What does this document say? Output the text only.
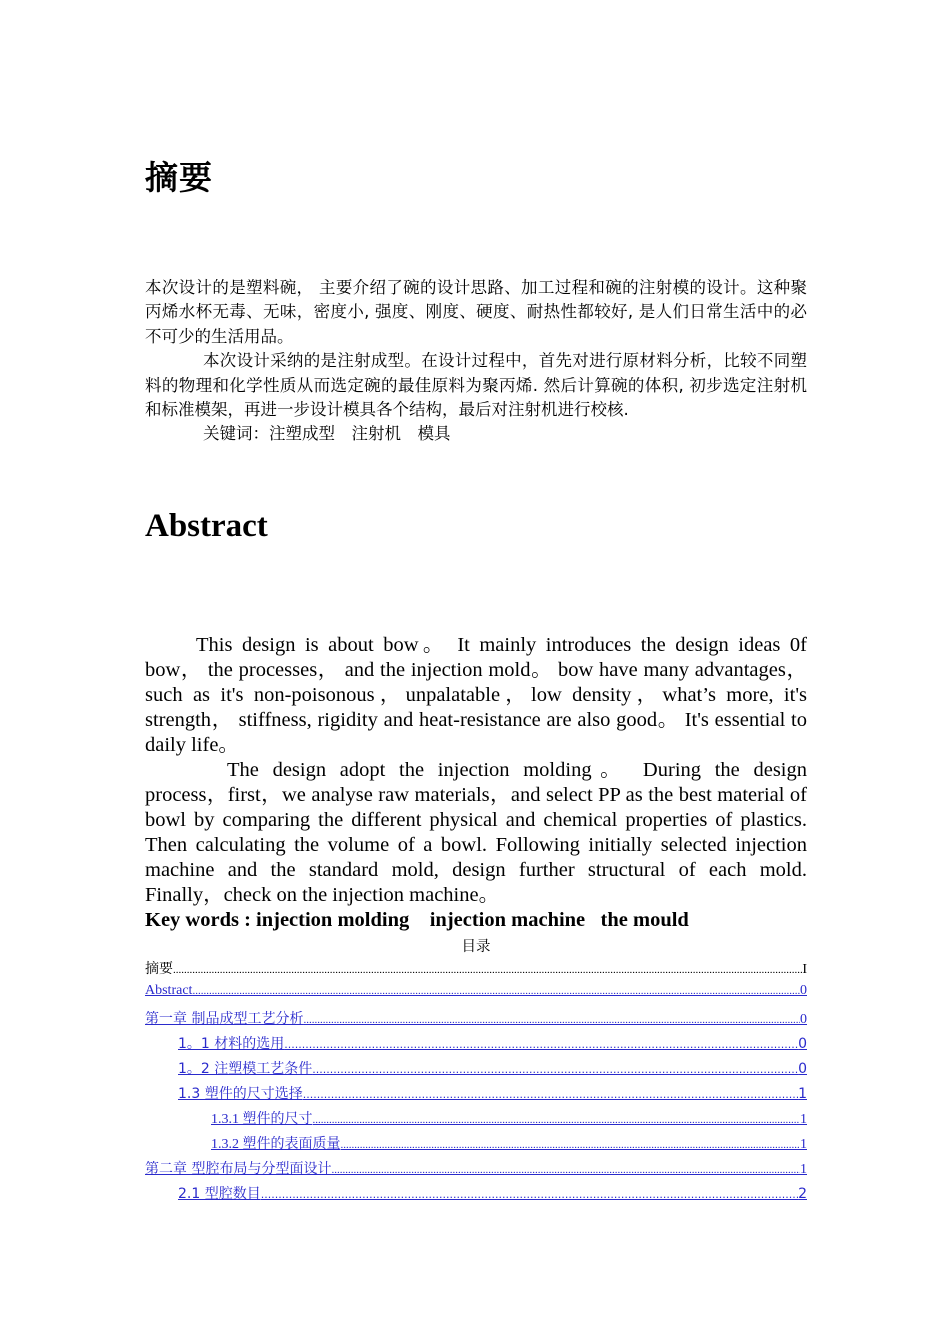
摘要

本次设计的是塑料碗， 主要介绍了碗的设计思路、加工过程和碗的注射模的设计。这种聚丙烯水杯无毒、无味，密度小, 强度、刚度、硬度、耐热性都较好, 是人们日常生活中的必不可少的生活用品。

本次设计采纳的是注射成型。在设计过程中，首先对进行原材料分析，比较不同塑料的物理和化学性质从而选定碗的最佳原料为聚丙烯. 然后计算碗的体积, 初步选定注射机和标准模架，再进一步设计模具各个结构，最后对注射机进行校核.

关键词：注塑成型　注射机　模具

Abstract

This design is about bow。 It mainly introduces the design ideas 0f bow， the processes， and the injection mold。 bow have many advantages，such as it's non-poisonous，unpalatable，low density，what’s more, it's strength， stiffness, rigidity and heat-resistance are also good。 It's essential to daily life。

The design adopt the injection molding。 During the design process，first，we analyse raw materials，and select PP as the best material of bowl by comparing the different physical and chemical properties of plastics. Then calculating the volume of a bowl. Following initially selected injection machine and the standard mold, design further structural of each mold. Finally，check on the injection machine。

Key words : injection molding    injection machine   the mould

目录
摘要 .....	I
Abstract .....	0
第一章 制品成型工艺分析 .....	0
1。1 材料的选用 .....	0
1。2 注塑模工艺条件 .....	0
1.3 塑件的尺寸选择 .....	1
1.3.1 塑件的尺寸 .....	1
1.3.2 塑件的表面质量 .....	1
第二章 型腔布局与分型面设计 .....	1
2.1 型腔数目 .....	2
